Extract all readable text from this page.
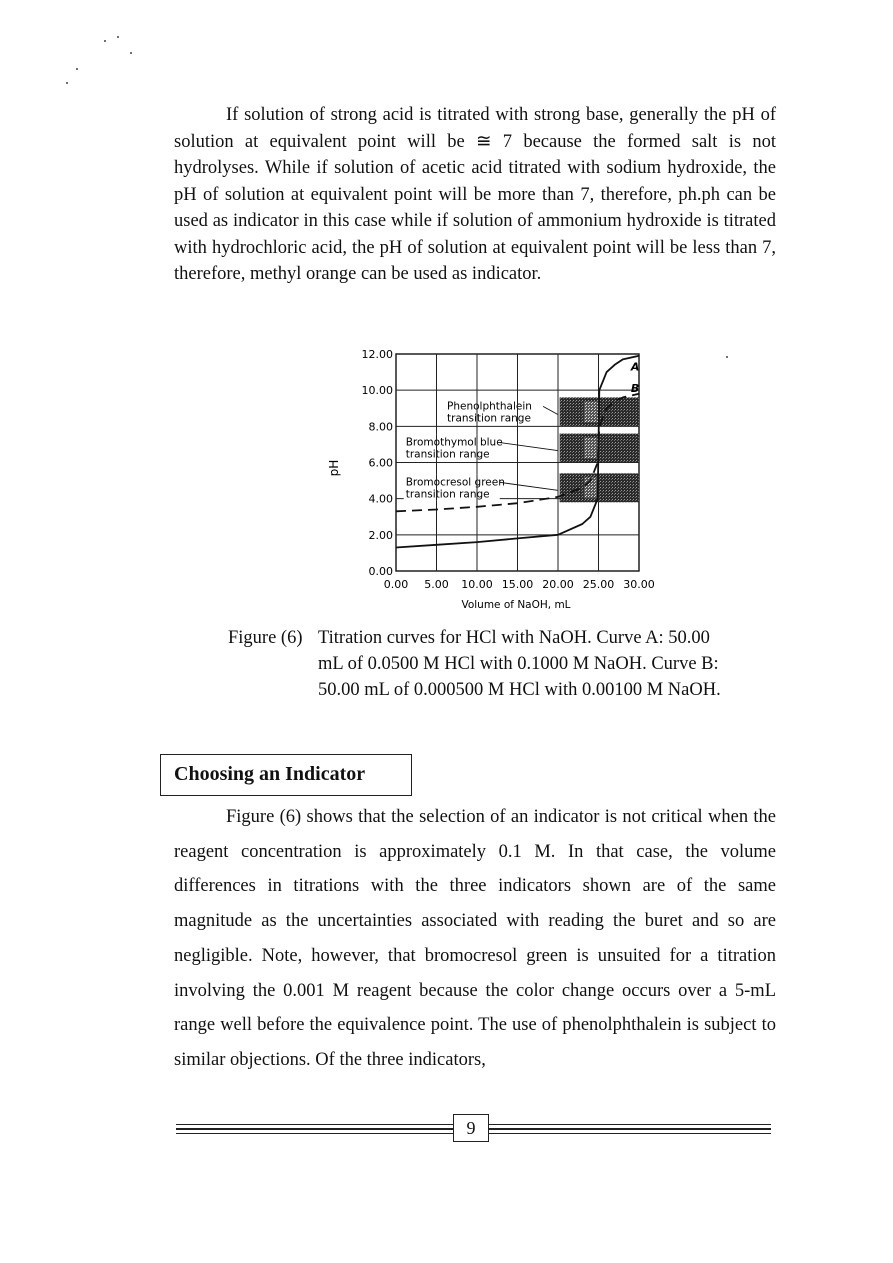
If solution of strong acid is titrated with strong base, generally the pH of solution at equivalent point will be ≅ 7 because the formed salt is not hydrolyses. While if solution of acetic acid titrated with sodium hydroxide, the pH of solution at equivalent point will be more than 7, therefore, ph.ph can be used as indicator in this case while if solution of ammonium hydroxide is titrated with hydrochloric acid, the pH of solution at equivalent point will be less than 7, therefore, methyl orange can be used as indicator.

Phenolphthalein
transition range
Bromothymol blue
transition range
Bromocresol green
transition range
A
B
0.00
2.00
4.00
6.00
8.00
10.00
12.00
0.00 5.00 10.00 15.00 20.00 25.00 30.00
pH
Volume of NaOH, mL
Figure (6) Titration curves for HCl with NaOH. Curve A: 50.00
mL of 0.0500 M HCl with 0.1000 M NaOH. Curve B:
50.00 mL of 0.000500 M HCl with 0.00100 M NaOH.
Choosing an Indicator

Figure (6) shows that the selection of an indicator is not critical when the reagent concentration is approximately 0.1 M. In that case, the volume differences in titrations with the three indicators shown are of the same magnitude as the uncertainties associated with reading the buret and so are negligible. Note, however, that bromocresol green is unsuited for a titration involving the 0.001 M reagent because the color change occurs over a 5-mL range well before the equivalence point. The use of phenolphthalein is subject to similar objections. Of the three indicators,

9
